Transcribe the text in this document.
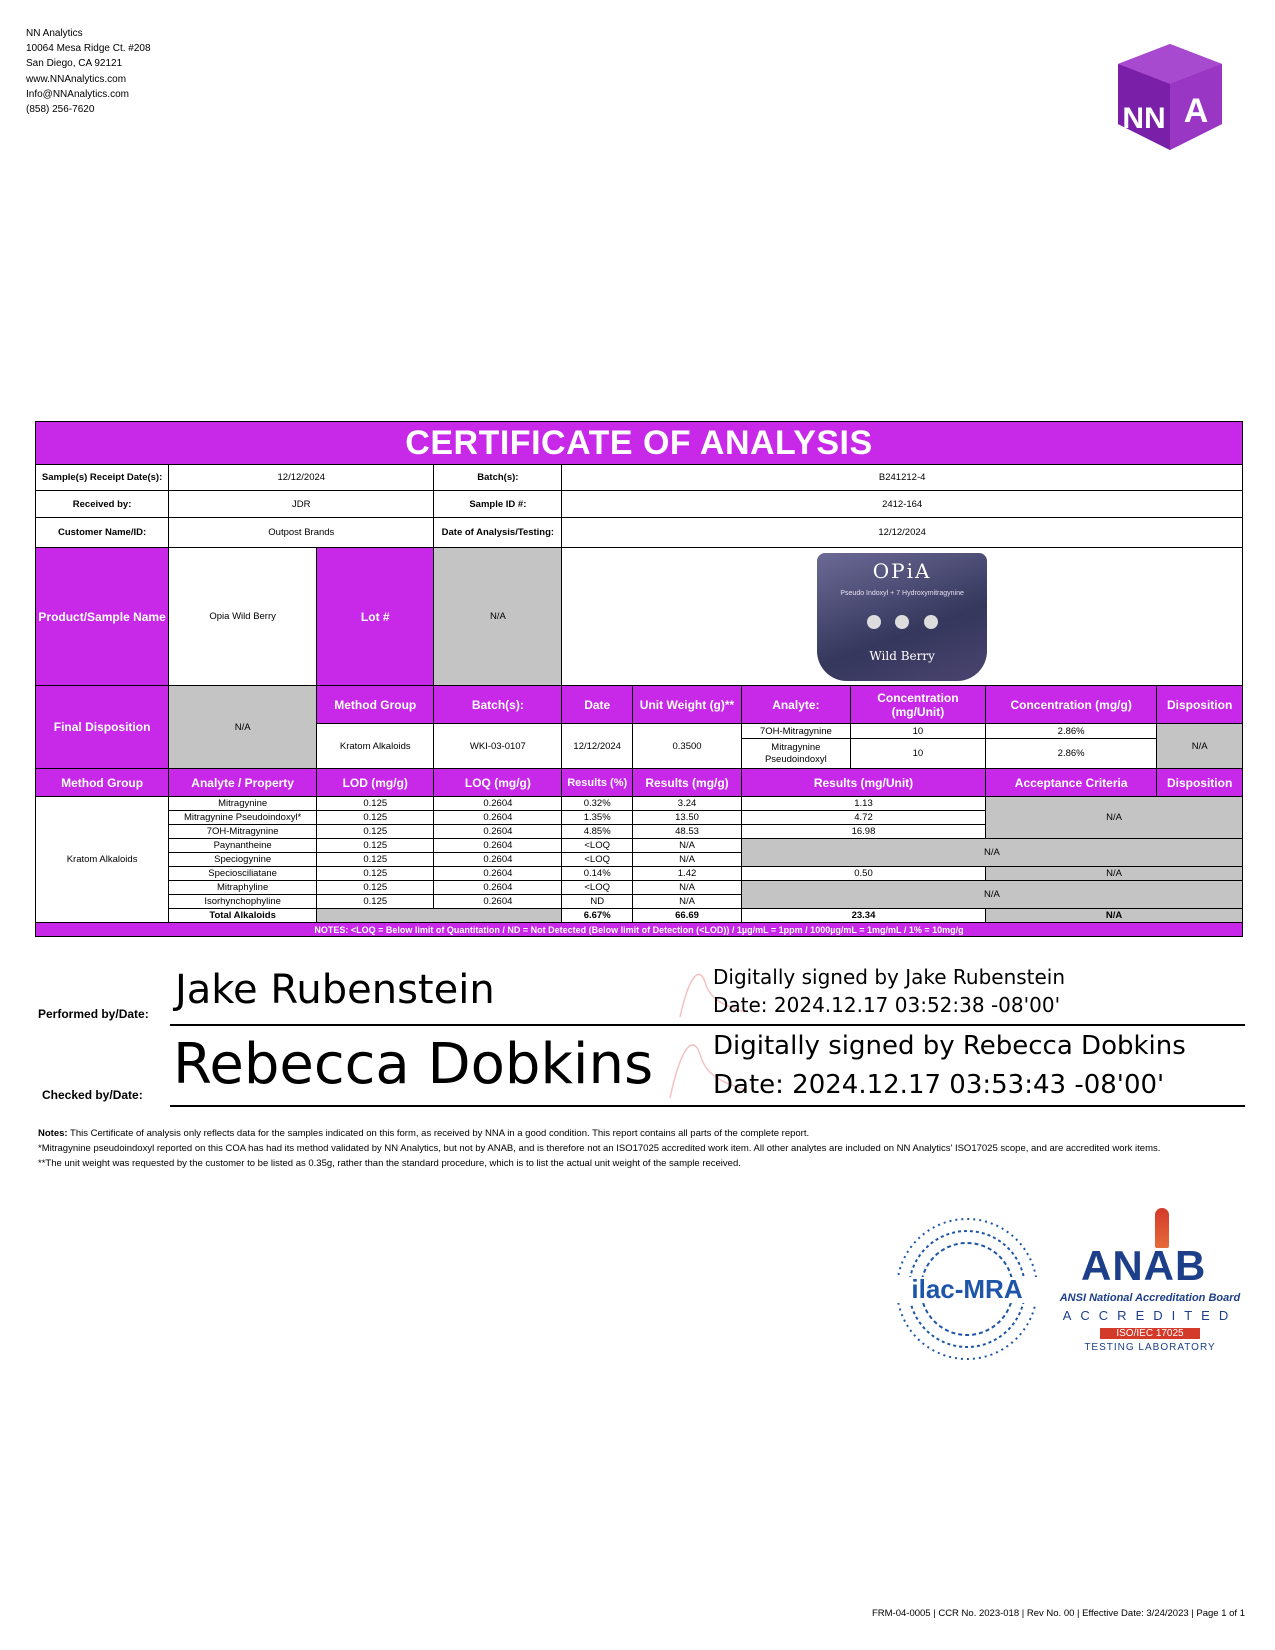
NN Analytics
10064 Mesa Ridge Ct. #208
San Diego, CA 92121
www.NNAnalytics.com
Info@NNAnalytics.com
(858) 256-7620	NN A
CERTIFICATE OF ANALYSIS									
Sample(s) Receipt Date(s):	12/12/2024		Batch(s):	B241212-4					
Received by:	JDR		Sample ID #:	2412-164					
Customer Name/ID:	Outpost Brands		Date of Analysis/Testing:	12/12/2024					
Product/Sample Name	Opia Wild Berry	Lot #	N/A	OPiA
Pseudo Indoxyl + 7 Hydroxymitragynine

Wild Berry					

Final Disposition	N/A	Method Group	Batch(s):	Date	Unit Weight (g)**	Analyte:	Concentration (mg/Unit)	Concentration (mg/g)	Disposition
		Kratom Alkaloids	WKI-03-0107	12/12/2024	0.3500	7OH-Mitragynine	10	2.86%	N/A
						Mitragynine Pseudoindoxyl	10	2.86%	
Method Group	Analyte / Property	LOD (mg/g)	LOQ (mg/g)	Results (%)	Results (mg/g)	Results (mg/Unit)		Acceptance Criteria	Disposition
Kratom Alkaloids	Mitragynine	0.125	0.2604	0.32%	3.24	1.13		N/A	
	Mitragynine Pseudoindoxyl*	0.125	0.2604	1.35%	13.50	4.72			
	7OH-Mitragynine	0.125	0.2604	4.85%	48.53	16.98			
	Paynantheine	0.125	0.2604	<LOQ	N/A	N/A			
	Speciogynine	0.125	0.2604	<LOQ	N/A				
	Speciosciliatane	0.125	0.2604	0.14%	1.42	0.50		N/A	
	Mitraphyline	0.125	0.2604	<LOQ	N/A	N/A			
	Isorhynchophyline	0.125	0.2604	ND	N/A				
	Total Alkaloids			6.67%	66.69	23.34		N/A	
NOTES: <LOQ = Below limit of Quantitation / ND = Not Detected (Below limit of Detection (<LOD)) / 1µg/mL = 1ppm / 1000µg/mL = 1mg/mL / 1% = 10mg/g									
Performed by/Date:
Jake Rubenstein	Digitally signed by Jake Rubenstein
Date: 2024.12.17 03:52:38 -08'00'
Checked by/Date: Rebecca Dobkins Digitally signed by Rebecca Dobkins
Date: 2024.12.17 03:53:43 -08'00'
Notes: This Certificate of analysis only reflects data for the samples indicated on this form, as received by NNA in a good condition. This report contains all parts of the complete report.
*Mitragynine pseudoindoxyl reported on this COA has had its method validated by NN Analytics, but not by ANAB, and is therefore not an ISO17025 accredited work item. All other analytes are included on NN Analytics' ISO17025 scope, and are accredited work items.
**The unit weight was requested by the customer to be listed as 0.35g, rather than the standard procedure, which is to list the actual unit weight of the sample received.
ilac-MRA ANAB
ANSI National Accreditation Board
ACCREDITED
ISO/IEC 17025
TESTING LABORATORY
FRM-04-0005 | CCR No. 2023-018 | Rev No. 00 | Effective Date: 3/24/2023 | Page 1 of 1
